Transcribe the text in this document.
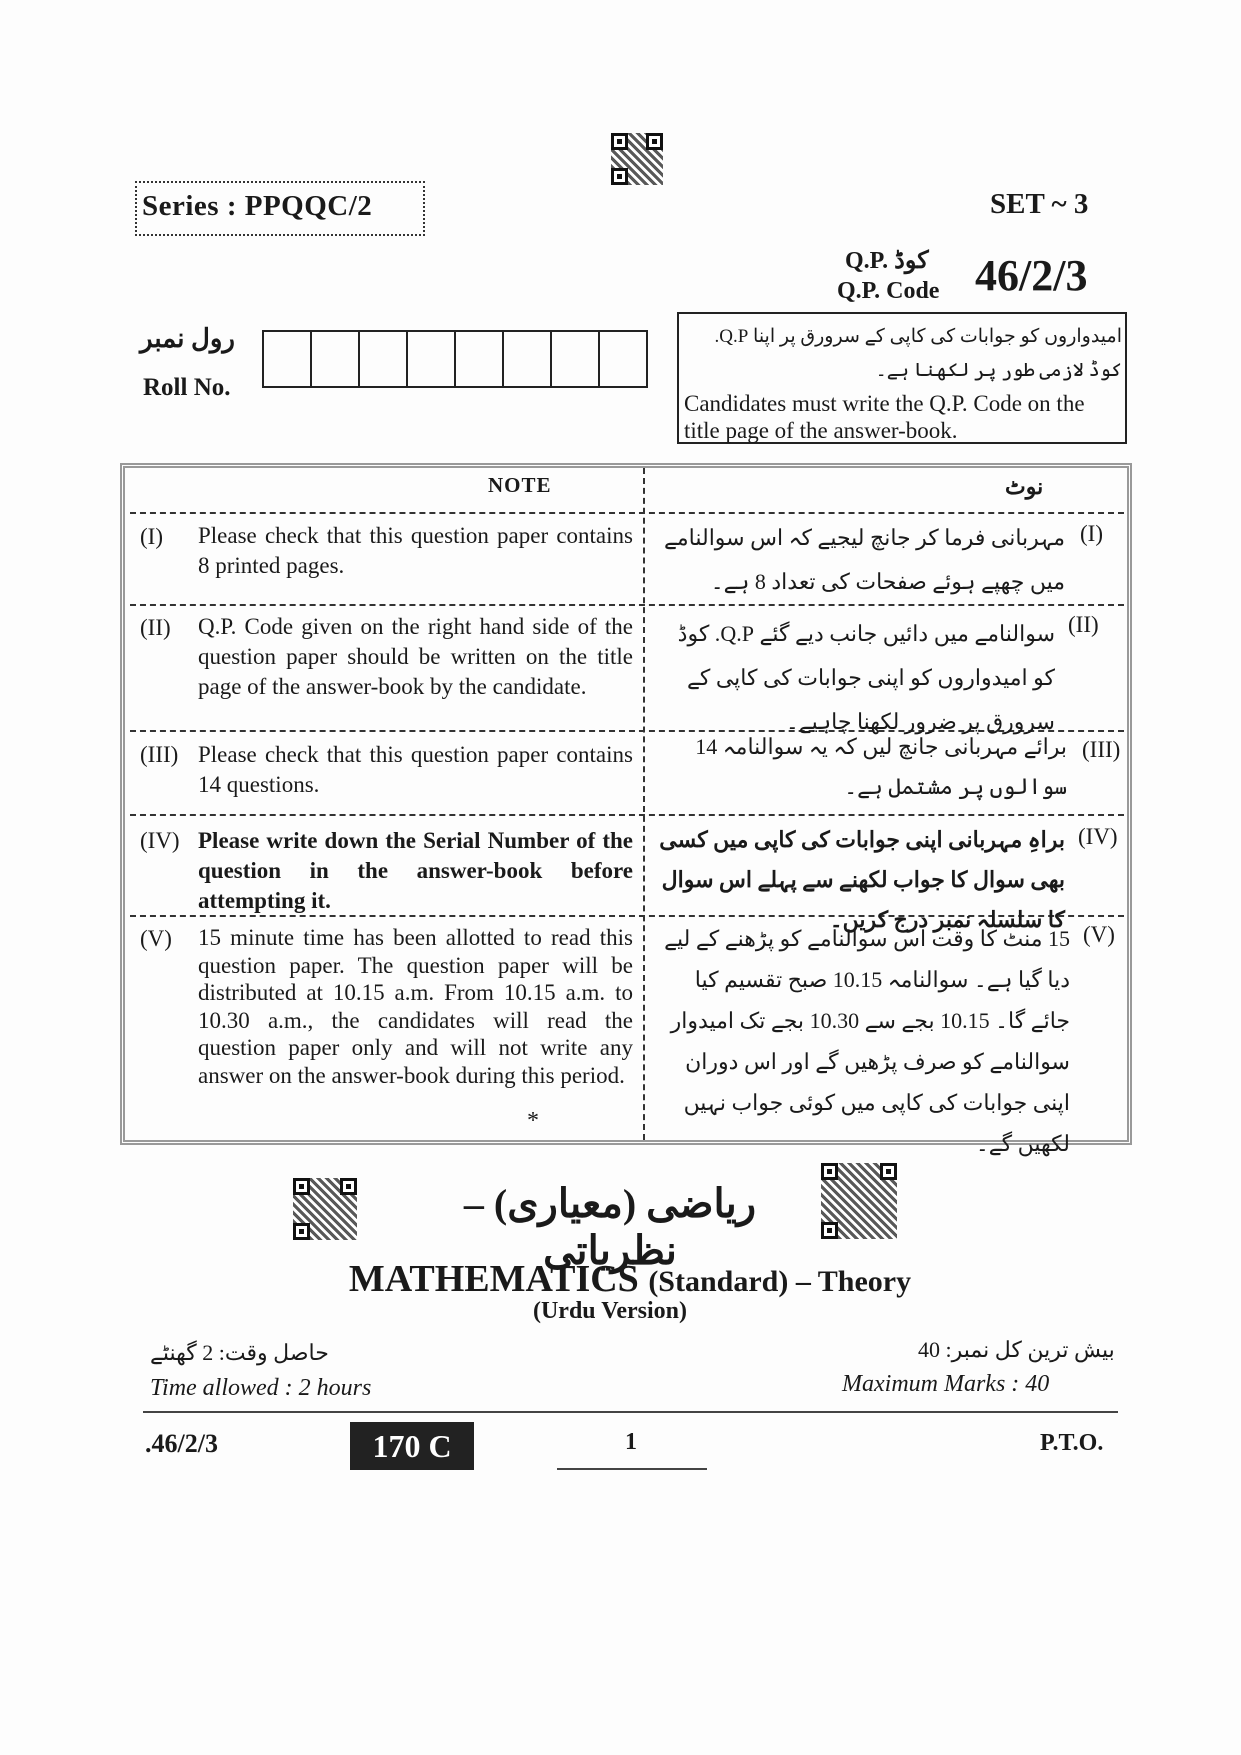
Series : PPQQC/2	SET ~ 3
Q.P. کوڈ
Q.P. Code 46/2/3
رول نمبر
Roll No.
امیدواروں کو جوابات کی کاپی کے سرورق پر اپنا Q.P. کوڈ لازمی طور پر لکھنا ہے۔
Candidates must write the Q.P. Code on the title page of the answer-book.
NOTE	نوٹ
(I) Please check that this question paper contains 8 printed pages.
(I)
مہربانی فرما کر جانچ لیجیے کہ اس سوالنامے میں چھپے ہوئے صفحات کی تعداد 8 ہے۔
(II) Q.P. Code given on the right hand side of the question paper should be written on the title page of the answer-book by the candidate.
(II)
سوالنامے میں دائیں جانب دیے گئے Q.P. کوڈ کو امیدواروں کو اپنی جوابات کی کاپی کے سرورق پر ضرور لکھنا چاہیے۔
(III) Please check that this question paper contains 14 questions.
(III)
برائے مہربانی جانچ لیں کہ یہ سوالنامہ 14 سوالوں پر مشتمل ہے۔
(IV) Please write down the Serial Number of the question in the answer-book before attempting it.
(IV)
براہِ مہربانی اپنی جوابات کی کاپی میں کسی بھی سوال کا جواب لکھنے سے پہلے اس سوال کا سلسلہ نمبر درج کریں۔
(V) 15 minute time has been allotted to read this question paper. The question paper will be distributed at 10.15 a.m. From 10.15 a.m. to 10.30 a.m., the candidates will read the question paper only and will not write any answer on the answer-book during this period.
(V)
15 منٹ کا وقت اس سوالنامے کو پڑھنے کے لیے دیا گیا ہے۔ سوالنامہ 10.15 صبح تقسیم کیا جائے گا۔ 10.15 بجے سے 10.30 بجے تک امیدوار سوالنامے کو صرف پڑھیں گے اور اس دوران اپنی جوابات کی کاپی میں کوئی جواب نہیں لکھیں گے۔
*
ریاضی (معیاری) – نظریاتی
MATHEMATICS (Standard) – Theory
(Urdu Version)
حاصل وقت: 2 گھنٹے
Time allowed : 2 hours
بیش ترین کل نمبر: 40
Maximum Marks : 40
.46/2/3	170 C	1	P.T.O.
